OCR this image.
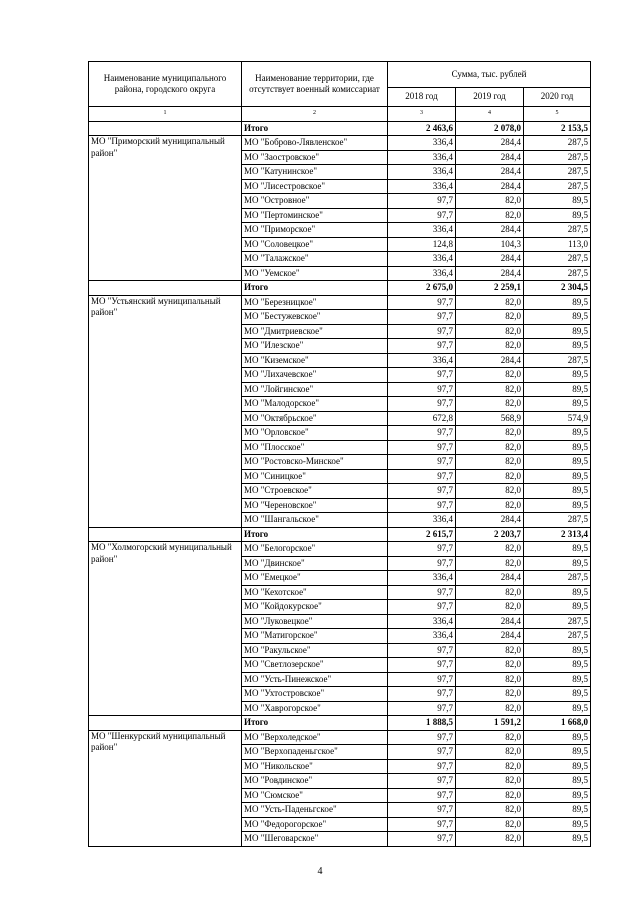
Наименование муниципального района, городского округа	Наименование территории, где отсутствует военный комиссариат	Сумма, тыс. рублей		
		2018 год	2019 год	2020 год
1	2	3	4	5
	Итого	2 463,6	2 078,0	2 153,5
МО "Приморский муниципальный район"	МО "Боброво-Лявленское"	336,4	284,4	287,5
	МО "Заостровское"	336,4	284,4	287,5
	МО "Катунинское"	336,4	284,4	287,5
	МО "Лисестровское"	336,4	284,4	287,5
	МО "Островное"	97,7	82,0	89,5
	МО "Пертоминское"	97,7	82,0	89,5
	МО "Приморское"	336,4	284,4	287,5
	МО "Соловецкое"	124,8	104,3	113,0
	МО "Талажское"	336,4	284,4	287,5
	МО "Уемское"	336,4	284,4	287,5
	Итого	2 675,0	2 259,1	2 304,5
МО "Устьянский муниципальный район"	МО "Березницкое"	97,7	82,0	89,5
	МО "Бестужевское"	97,7	82,0	89,5
	МО "Дмитриевское"	97,7	82,0	89,5
	МО "Илезское"	97,7	82,0	89,5
	МО "Киземское"	336,4	284,4	287,5
	МО "Лихачевское"	97,7	82,0	89,5
	МО "Лойгинское"	97,7	82,0	89,5
	МО "Малодорское"	97,7	82,0	89,5
	МО "Октябрьское"	672,8	568,9	574,9
	МО "Орловское"	97,7	82,0	89,5
	МО "Плосское"	97,7	82,0	89,5
	МО "Ростовско-Минское"	97,7	82,0	89,5
	МО "Синицкое"	97,7	82,0	89,5
	МО "Строевское"	97,7	82,0	89,5
	МО "Череновское"	97,7	82,0	89,5
	МО "Шангальское"	336,4	284,4	287,5
	Итого	2 615,7	2 203,7	2 313,4
МО "Холмогорский муниципальный район"	МО "Белогорское"	97,7	82,0	89,5
	МО "Двинское"	97,7	82,0	89,5
	МО "Емецкое"	336,4	284,4	287,5
	МО "Кехотское"	97,7	82,0	89,5
	МО "Койдокурское"	97,7	82,0	89,5
	МО "Луковецкое"	336,4	284,4	287,5
	МО "Матигорское"	336,4	284,4	287,5
	МО "Ракульское"	97,7	82,0	89,5
	МО "Светлозерское"	97,7	82,0	89,5
	МО "Усть-Пинежское"	97,7	82,0	89,5
	МО "Ухтостровское"	97,7	82,0	89,5
	МО "Хаврогорское"	97,7	82,0	89,5
	Итого	1 888,5	1 591,2	1 668,0
МО "Шенкурский муниципальный район"	МО "Верхоледское"	97,7	82,0	89,5
	МО "Верхопаденьгское"	97,7	82,0	89,5
	МО "Никольское"	97,7	82,0	89,5
	МО "Ровдинское"	97,7	82,0	89,5
	МО "Сюмское"	97,7	82,0	89,5
	МО "Усть-Паденьгское"	97,7	82,0	89,5
	МО "Федорогорское"	97,7	82,0	89,5
	МО "Шеговарское"	97,7	82,0	89,5
4
